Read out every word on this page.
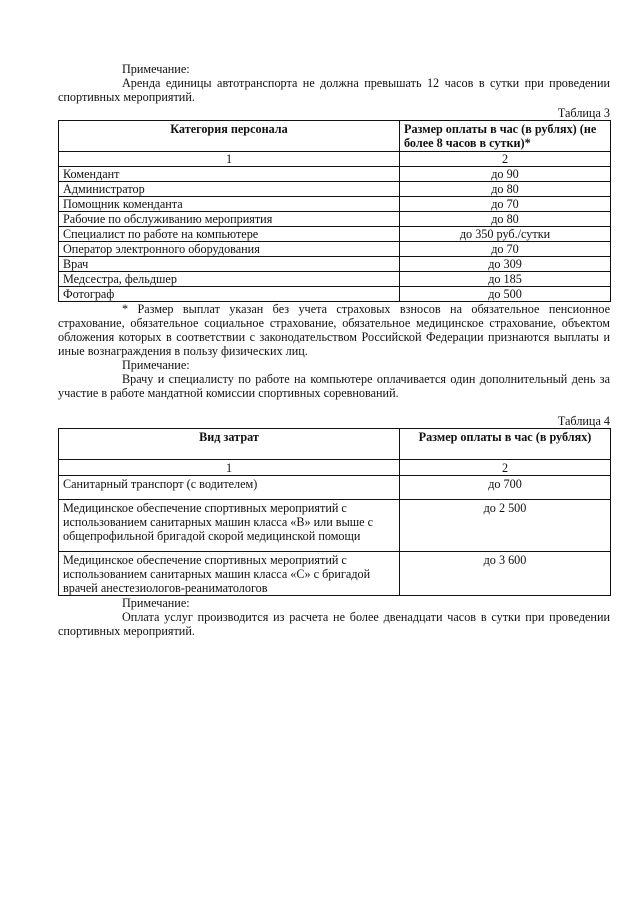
Примечание:

Аренда единицы автотранспорта не должна превышать 12 часов в сутки при проведении спортивных мероприятий.

Таблица 3

Категория персонала	Размер оплаты в час (в рублях) (не более 8 часов в сутки)*
1	2
Комендант	до 90
Администратор	до 80
Помощник коменданта	до 70
Рабочие по обслуживанию мероприятия	до 80
Специалист по работе на компьютере	до 350 руб./сутки
Оператор электронного оборудования	до 70
Врач	до 309
Медсестра, фельдшер	до 185
Фотограф	до 500

* Размер выплат указан без учета страховых взносов на обязательное пенсионное страхование, обязательное социальное страхование, обязательное медицинское страхование, объектом обложения которых в соответствии с законодательством Российской Федерации признаются выплаты и иные вознаграждения в пользу физических лиц.

Примечание:

Врачу и специалисту по работе на компьютере оплачивается один дополнительный день за участие в работе мандатной комиссии спортивных соревнований.

Таблица 4

Вид затрат	Размер оплаты в час (в рублях)
1	2
Санитарный транспорт (с водителем)	до 700
Медицинское обеспечение спортивных мероприятий с использованием санитарных машин класса «В» или выше с общепрофильной бригадой скорой медицинской помощи	до 2 500
Медицинское обеспечение спортивных мероприятий с использованием санитарных машин класса «С» с бригадой врачей анестезиологов-реаниматологов	до 3 600

Примечание:

Оплата услуг производится из расчета не более двенадцати часов в сутки при проведении спортивных мероприятий.
